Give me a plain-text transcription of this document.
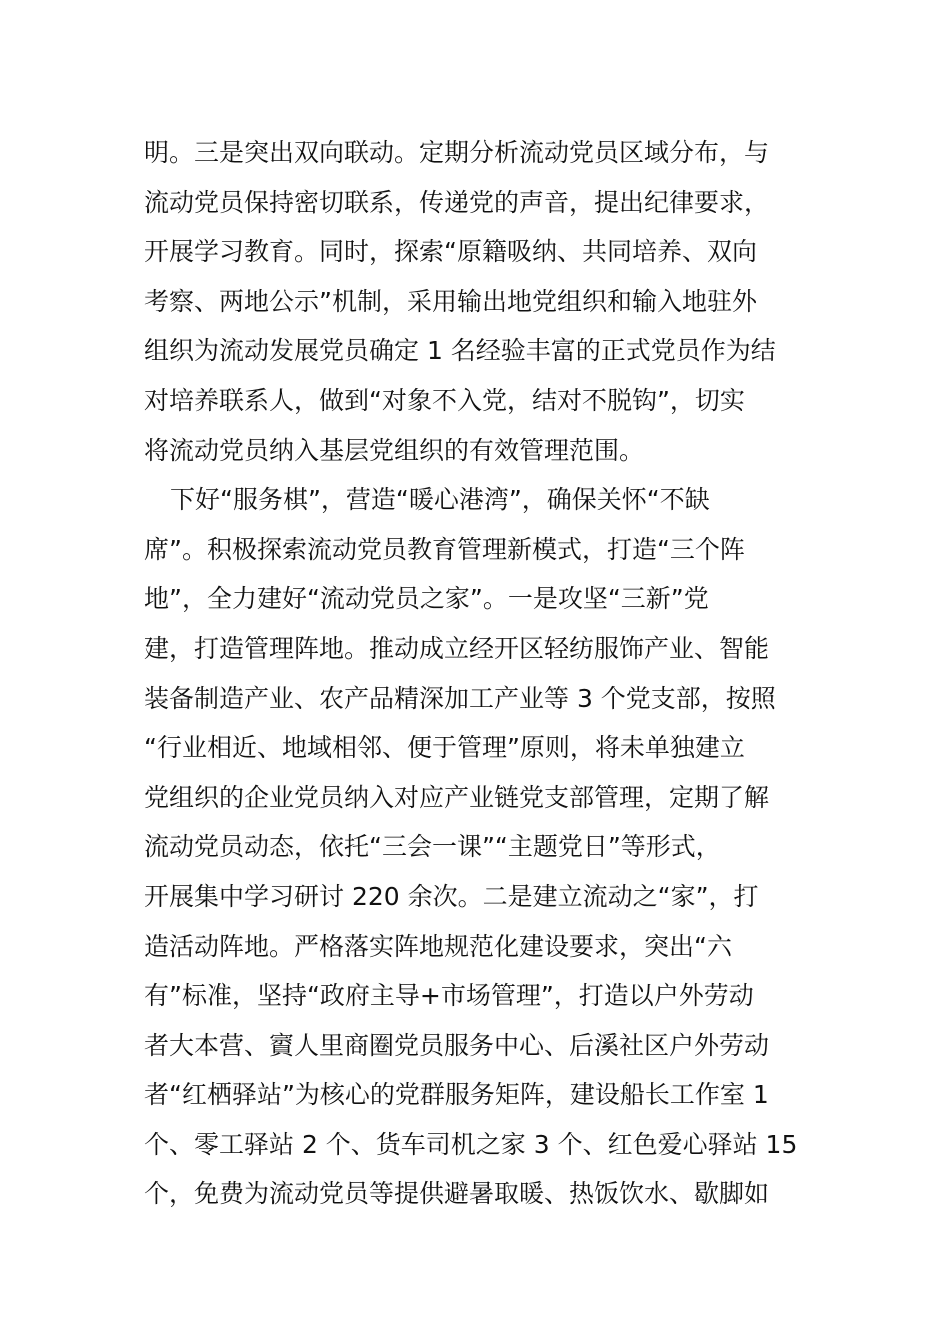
明。三是突出双向联动。定期分析流动党员区域分布，与
流动党员保持密切联系，传递党的声音，提出纪律要求，
开展学习教育。同时，探索“原籍吸纳、共同培养、双向
考察、两地公示”机制，采用输出地党组织和输入地驻外
组织为流动发展党员确定 1 名经验丰富的正式党员作为结
对培养联系人，做到“对象不入党，结对不脱钩”，切实
将流动党员纳入基层党组织的有效管理范围。
下好“服务棋”，营造“暖心港湾”，确保关怀“不缺
席”。积极探索流动党员教育管理新模式，打造“三个阵
地”，全力建好“流动党员之家”。一是攻坚“三新”党
建，打造管理阵地。推动成立经开区轻纺服饰产业、智能
装备制造产业、农产品精深加工产业等 3 个党支部，按照
“行业相近、地域相邻、便于管理”原则，将未单独建立
党组织的企业党员纳入对应产业链党支部管理，定期了解
流动党员动态，依托“三会一课”“主题党日”等形式，
开展集中学习研讨 220 余次。二是建立流动之“家”，打
造活动阵地。严格落实阵地规范化建设要求，突出“六
有”标准，坚持“政府主导+市场管理”，打造以户外劳动
者大本营、賨人里商圈党员服务中心、后溪社区户外劳动
者“红栖驿站”为核心的党群服务矩阵，建设船长工作室 1
个、零工驿站 2 个、货车司机之家 3 个、红色爱心驿站 15
个，免费为流动党员等提供避暑取暖、热饭饮水、歇脚如
